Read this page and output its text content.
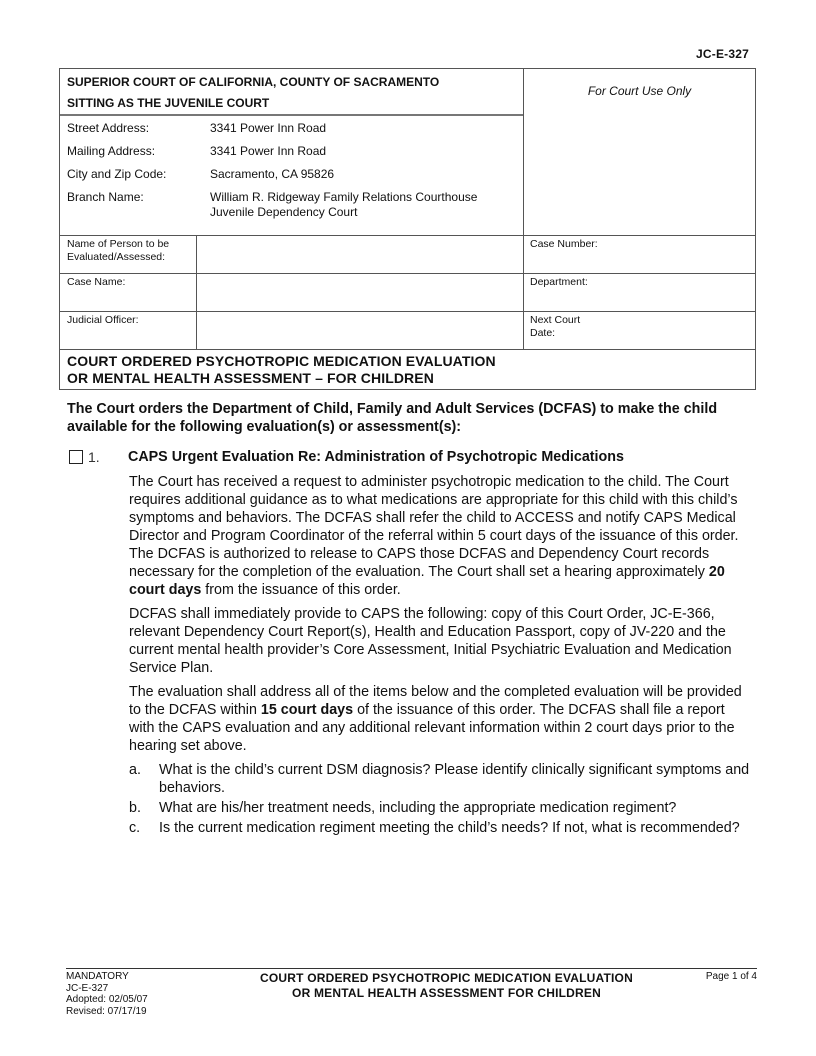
JC-E-327
SUPERIOR COURT OF CALIFORNIA, COUNTY OF SACRAMENTO
SITTING AS THE JUVENILE COURT
Street Address:	3341 Power Inn Road
Mailing Address:	3341 Power Inn Road
City and Zip Code:	Sacramento, CA 95826
Branch Name:	William R. Ridgeway Family Relations Courthouse
Juvenile Dependency Court
For Court Use Only
Name of Person to be
Evaluated/Assessed:
Case Number:
Case Name:	Department:
Judicial Officer:	Next Court
Date:
COURT ORDERED PSYCHOTROPIC MEDICATION EVALUATION
OR MENTAL HEALTH ASSESSMENT – FOR CHILDREN
The Court orders the Department of Child, Family and Adult Services (DCFAS) to make the child available for the following evaluation(s) or assessment(s):
1.	CAPS Urgent Evaluation Re: Administration of Psychotropic Medications

The Court has received a request to administer psychotropic medication to the child. The Court requires additional guidance as to what medications are appropriate for this child with this child’s symptoms and behaviors. The DCFAS shall refer the child to ACCESS and notify CAPS Medical Director and Program Coordinator of the referral within 5 court days of the issuance of this order. The DCFAS is authorized to release to CAPS those DCFAS and Dependency Court records necessary for the completion of the evaluation. The Court shall set a hearing approximately 20 court days from the issuance of this order.

DCFAS shall immediately provide to CAPS the following: copy of this Court Order, JC-E-366, relevant Dependency Court Report(s), Health and Education Passport, copy of JV-220 and the current mental health provider’s Core Assessment, Initial Psychiatric Evaluation and Medication Service Plan.

The evaluation shall address all of the items below and the completed evaluation will be provided to the DCFAS within 15 court days of the issuance of this order. The DCFAS shall file a report with the CAPS evaluation and any additional relevant information within 2 court days prior to the hearing set above.

a.	What is the child’s current DSM diagnosis? Please identify clinically significant symptoms and behaviors.
b.	What are his/her treatment needs, including the appropriate medication regiment?
c.	Is the current medication regiment meeting the child’s needs? If not, what is recommended?
MANDATORY
JC-E-327
Adopted: 02/05/07
Revised: 07/17/19
COURT ORDERED PSYCHOTROPIC MEDICATION EVALUATION
OR MENTAL HEALTH ASSESSMENT FOR CHILDREN
Page 1 of 4
